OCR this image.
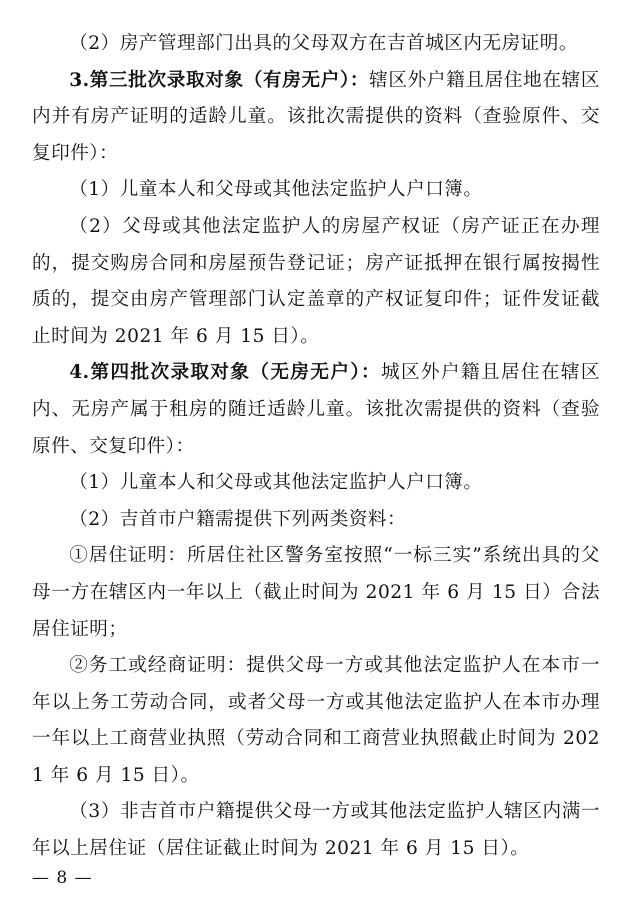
（2）房产管理部门出具的父母双方在吉首城区内无房证明。

3.第三批次录取对象（有房无户）：辖区外户籍且居住地在辖区内并有房产证明的适龄儿童。该批次需提供的资料（查验原件、交复印件）：

（1）儿童本人和父母或其他法定监护人户口簿。

（2）父母或其他法定监护人的房屋产权证（房产证正在办理的，提交购房合同和房屋预告登记证；房产证抵押在银行属按揭性质的，提交由房产管理部门认定盖章的产权证复印件；证件发证截止时间为 2021 年 6 月 15 日）。

4.第四批次录取对象（无房无户）：城区外户籍且居住在辖区内、无房产属于租房的随迁适龄儿童。该批次需提供的资料（查验原件、交复印件）：

（1）儿童本人和父母或其他法定监护人户口簿。

（2）吉首市户籍需提供下列两类资料：

①居住证明：所居住社区警务室按照“一标三实”系统出具的父母一方在辖区内一年以上（截止时间为 2021 年 6 月 15 日）合法居住证明；

②务工或经商证明：提供父母一方或其他法定监护人在本市一年以上务工劳动合同，或者父母一方或其他法定监护人在本市办理一年以上工商营业执照（劳动合同和工商营业执照截止时间为 2021 年 6 月 15 日）。

（3）非吉首市户籍提供父母一方或其他法定监护人辖区内满一年以上居住证（居住证截止时间为 2021 年 6 月 15 日）。

— 8 —
